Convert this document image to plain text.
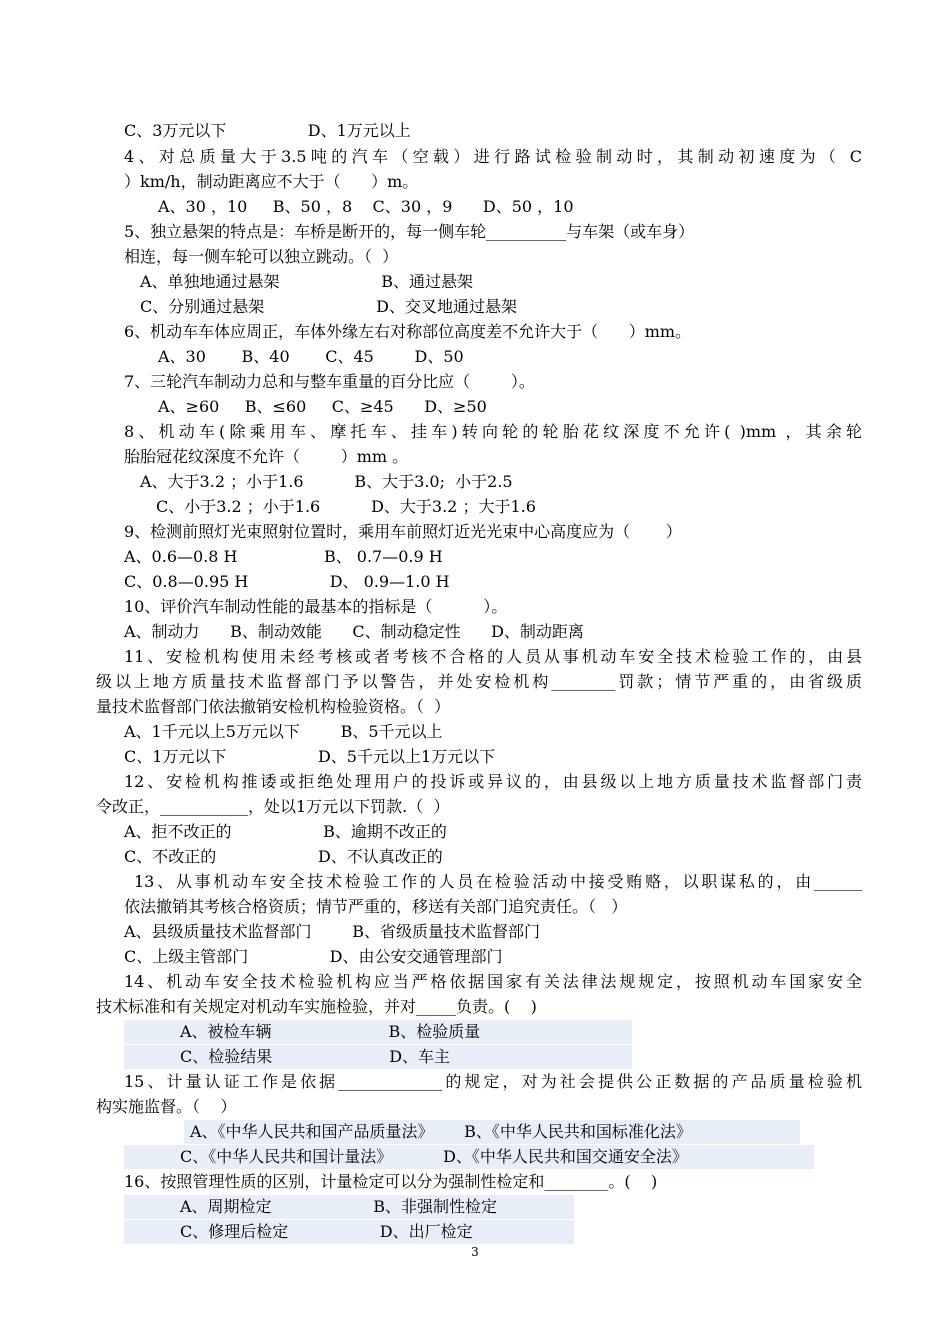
C、3万元以下                D、1万元以上
4、对总质量大于3.5吨的汽车（空载）进行路试检验制动时，其制动初速度为（ C
）km/h，制动距离应不大于（      ）m。
A、30 ，10     B、50 ，8    C、30 ，9      D、50 ，10
5、独立悬架的特点是：车桥是断开的，每一侧车轮__________与车架（或车身）
相连，每一侧车轮可以独立跳动。（  ）
A、单独地通过悬架                    B、通过悬架
C、分别通过悬架                      D、交叉地通过悬架
6、机动车车体应周正，车体外缘左右对称部位高度差不允许大于（      ）mm。
A、30       B、40       C、45        D、50
7、三轮汽车制动力总和与整车重量的百分比应（        ）。
A、≥60     B、≤60     C、≥45      D、≥50
8、机动车(除乘用车、摩托车、挂车)转向轮的轮胎花纹深度不允许( )mm ，其余轮
胎胎冠花纹深度不允许（        ）mm 。
A、大于3.2 ；小于1.6          B、大于3.0;  小于2.5
C、小于3.2 ；小于1.6          D、大于3.2 ；大于1.6
9、检测前照灯光束照射位置时，乘用车前照灯近光光束中心高度应为（       ）
A、0.6—0.8 H                 B、 0.7—0.9 H
C、0.8—0.95 H                D、 0.9—1.0 H
10、评价汽车制动性能的最基本的指标是（          ）。
A、制动力      B、制动效能      C、制动稳定性      D、制动距离
11、安检机构使用未经考核或者考核不合格的人员从事机动车安全技术检验工作的，由县
级以上地方质量技术监督部门予以警告，并处安检机构________罚款；情节严重的，由省级质
量技术监督部门依法撤销安检机构检验资格。（  ）
A、1千元以上5万元以下        B、5千元以上
C、1万元以下                  D、5千元以上1万元以下
12、安检机构推诿或拒绝处理用户的投诉或异议的，由县级以上地方质量技术监督部门责
令改正，___________，处以1万元以下罚款.（  ）
A、拒不改正的                  B、逾期不改正的
C、不改正的                    D、不认真改正的
13、从事机动车安全技术检验工作的人员在检验活动中接受贿赂，以职谋私的，由______
依法撤销其考核合格资质；情节严重的，移送有关部门追究责任。（   ）
A、县级质量技术监督部门        B、省级质量技术监督部门
C、上级主管部门                D、由公安交通管理部门
14、机动车安全技术检验机构应当严格依据国家有关法律法规规定，按照机动车国家安全
技术标准和有关规定对机动车实施检验，并对_____负责。(    )
A、被检车辆                       B、检验质量
C、检验结果                       D、车主
15、计量认证工作是依据_____________的规定，对为社会提供公正数据的产品质量检验机
构实施监督。（    ）
A、《中华人民共和国产品质量法》      B、《中华人民共和国标准化法》
C、《中华人民共和国计量法》          D、《中华人民共和国交通安全法》
16、按照管理性质的区别，计量检定可以分为强制性检定和________。(    )
A、周期检定                    B、非强制性检定
C、修理后检定                  D、出厂检定
3
